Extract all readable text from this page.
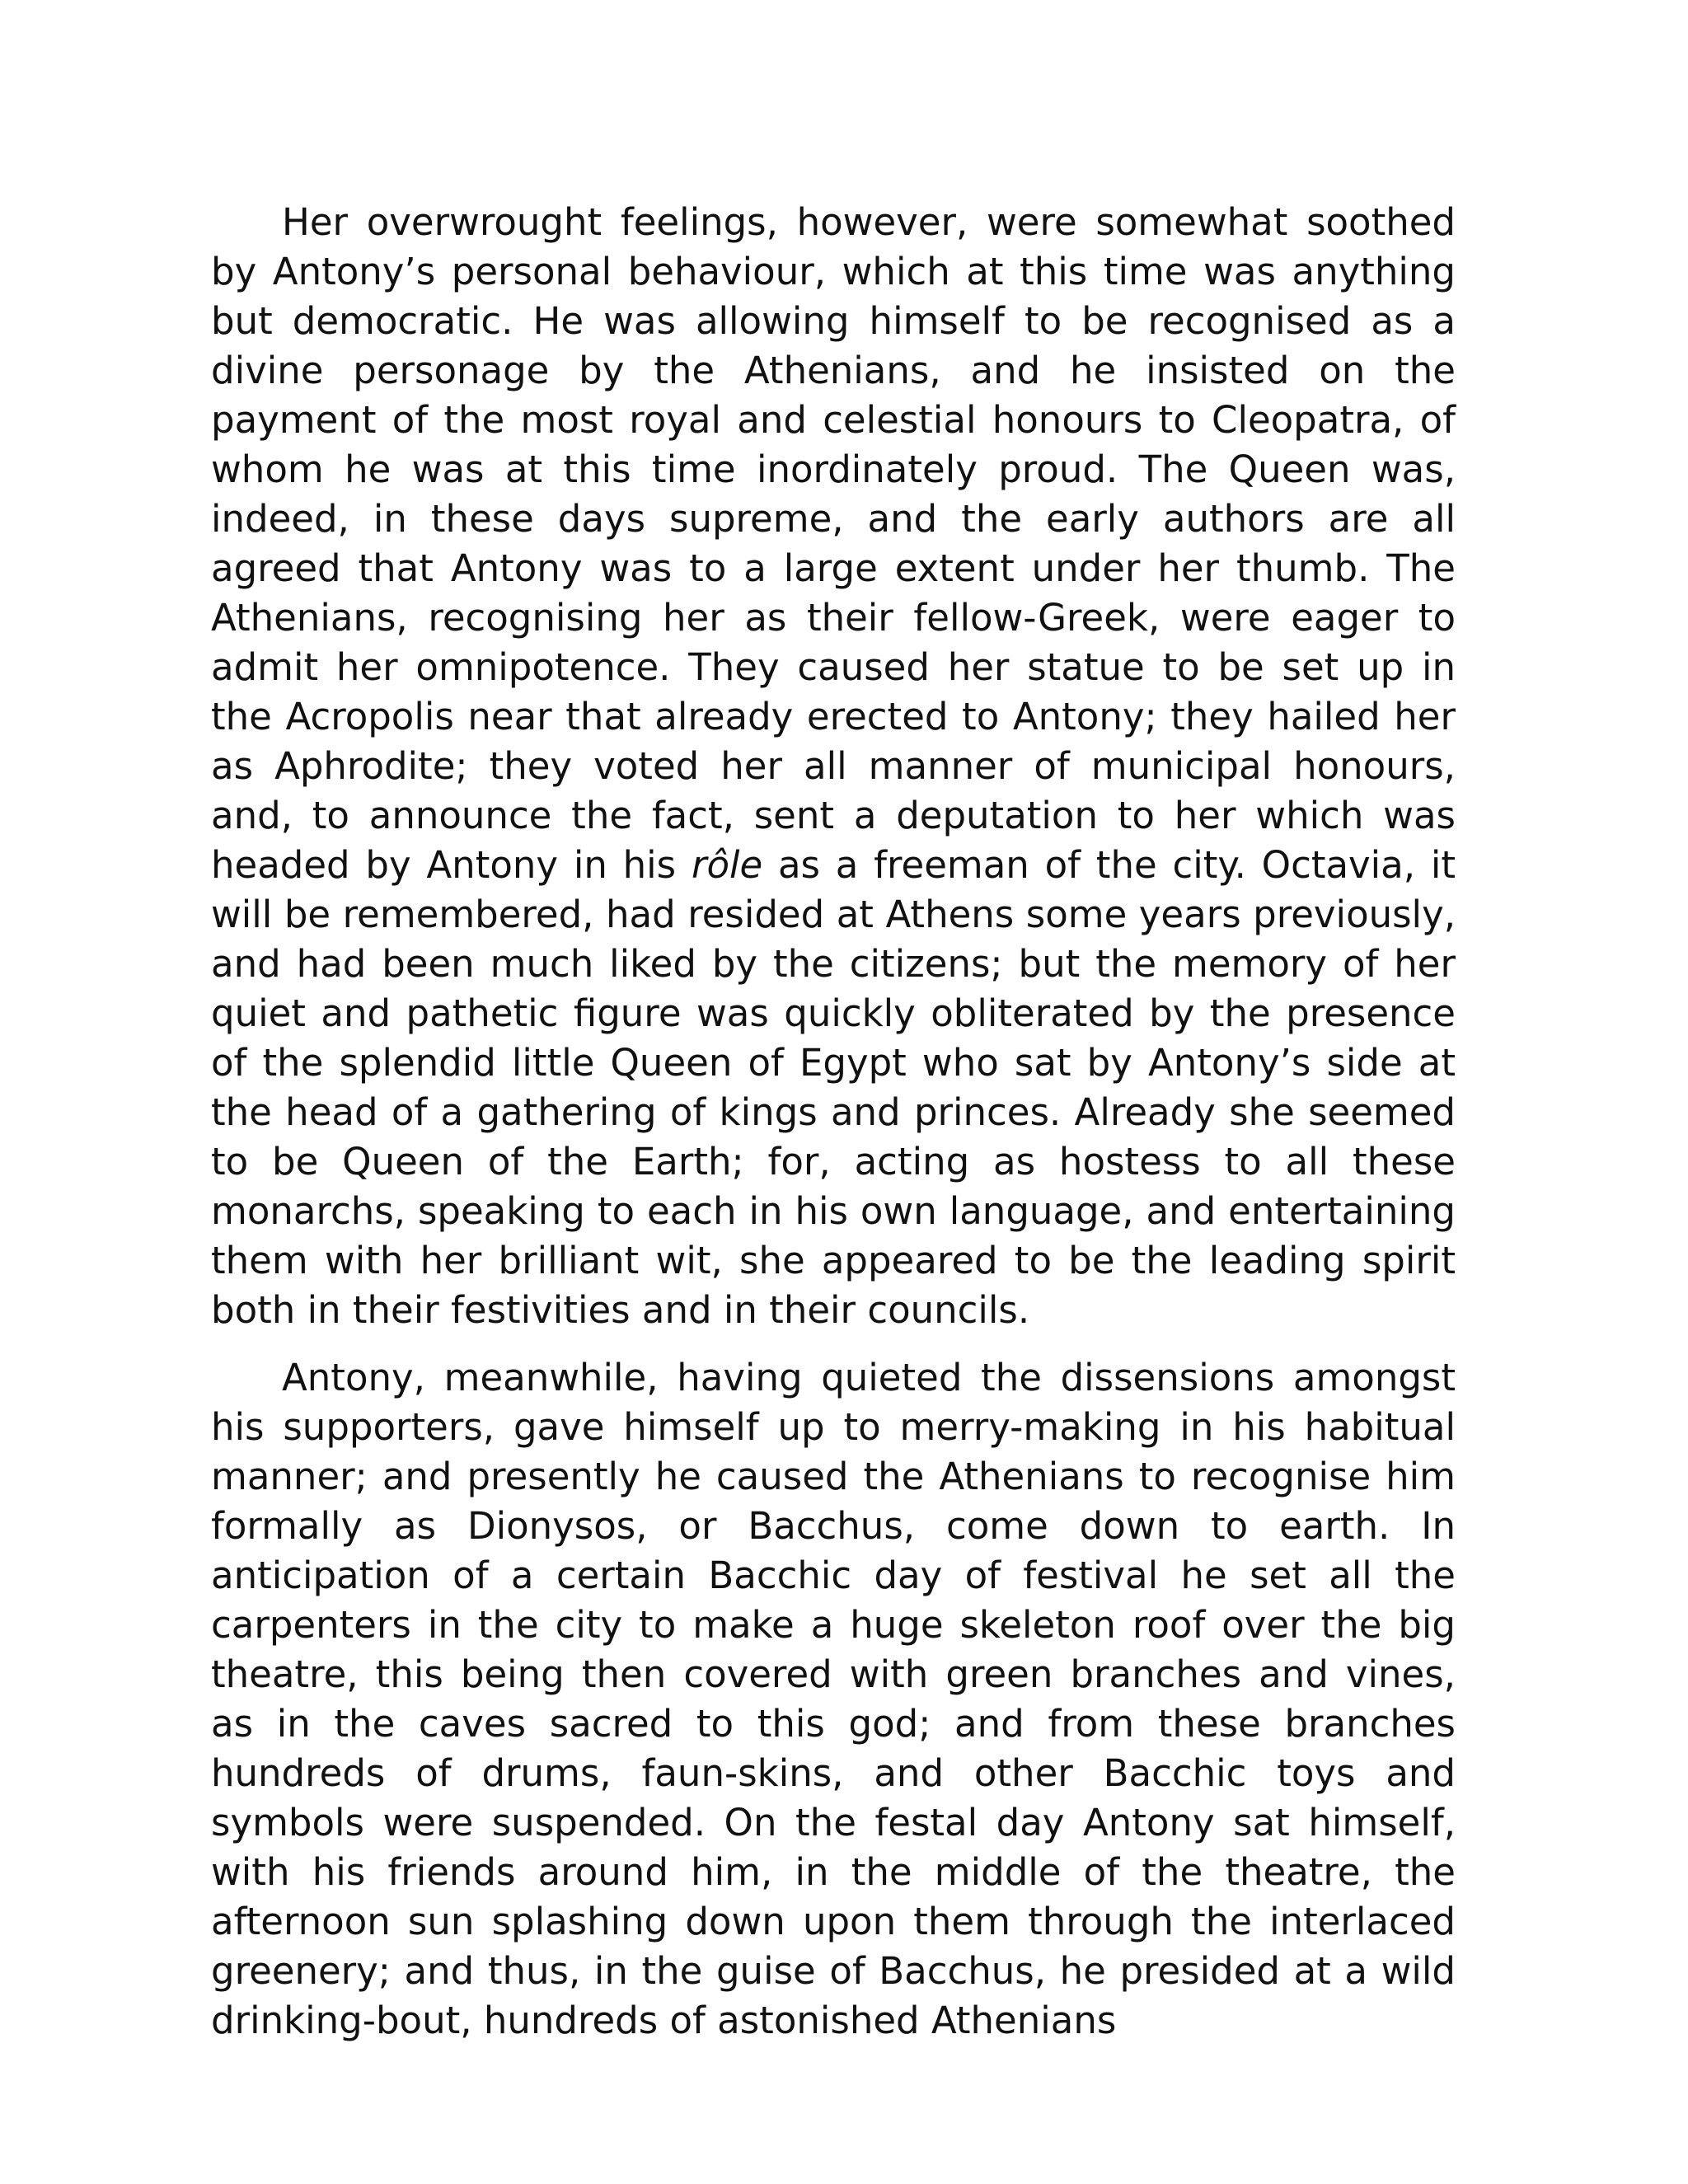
Her overwrought feelings, however, were somewhat soothed by Antony’s personal behaviour, which at this time was anything but democratic. He was allowing himself to be recognised as a divine personage by the Athenians, and he insisted on the payment of the most royal and celestial honours to Cleopatra, of whom he was at this time inordinately proud. The Queen was, indeed, in these days supreme, and the early authors are all agreed that Antony was to a large extent under her thumb. The Athenians, recognising her as their fellow-Greek, were eager to admit her omnipotence. They caused her statue to be set up in the Acropolis near that already erected to Antony; they hailed her as Aphrodite; they voted her all manner of municipal honours, and, to announce the fact, sent a deputation to her which was headed by Antony in his rôle as a freeman of the city. Octavia, it will be remembered, had resided at Athens some years previously, and had been much liked by the citizens; but the memory of her quiet and pathetic figure was quickly obliterated by the presence of the splendid little Queen of Egypt who sat by Antony’s side at the head of a gathering of kings and princes. Already she seemed to be Queen of the Earth; for, acting as hostess to all these monarchs, speaking to each in his own language, and entertaining them with her brilliant wit, she appeared to be the leading spirit both in their festivities and in their councils.

Antony, meanwhile, having quieted the dissensions amongst his supporters, gave himself up to merry-making in his habitual manner; and presently he caused the Athenians to recognise him formally as Dionysos, or Bacchus, come down to earth. In anticipation of a certain Bacchic day of festival he set all the carpenters in the city to make a huge skeleton roof over the big theatre, this being then covered with green branches and vines, as in the caves sacred to this god; and from these branches hundreds of drums, faun-skins, and other Bacchic toys and symbols were suspended. On the festal day Antony sat himself, with his friends around him, in the middle of the theatre, the afternoon sun splashing down upon them through the interlaced greenery; and thus, in the guise of Bacchus, he presided at a wild drinking-bout, hundreds of astonished Athenians
